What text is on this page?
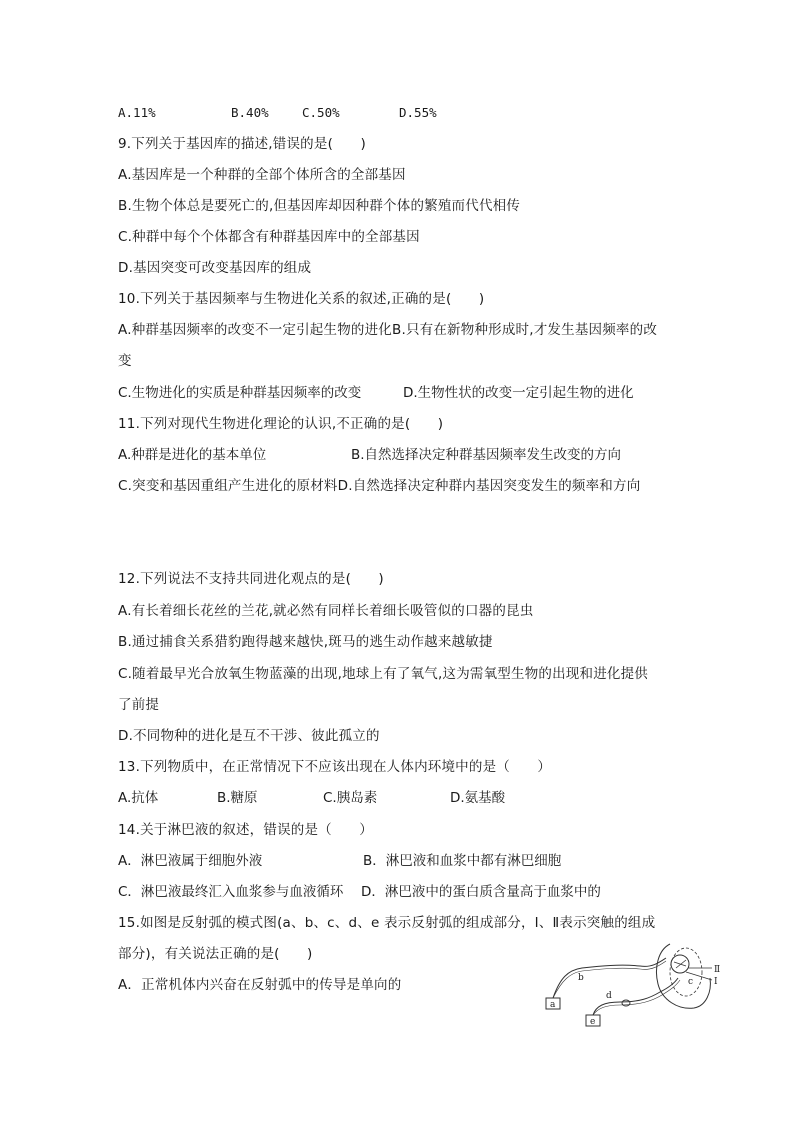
A.11%	B.40%	C.50%	D.55%
9.下列关于基因库的描述,错误的是(　　)
A.基因库是一个种群的全部个体所含的全部基因
B.生物个体总是要死亡的,但基因库却因种群个体的繁殖而代代相传
C.种群中每个个体都含有种群基因库中的全部基因
D.基因突变可改变基因库的组成
10.下列关于基因频率与生物进化关系的叙述,正确的是(　　)
A.种群基因频率的改变不一定引起生物的进化B.只有在新物种形成时,才发生基因频率的改
变
C.生物进化的实质是种群基因频率的改变	D.生物性状的改变一定引起生物的进化
11.下列对现代生物进化理论的认识,不正确的是(　　)
A.种群是进化的基本单位	B.自然选择决定种群基因频率发生改变的方向
C.突变和基因重组产生进化的原材料D.自然选择决定种群内基因突变发生的频率和方向
12.下列说法不支持共同进化观点的是(　　)
A.有长着细长花丝的兰花,就必然有同样长着细长吸管似的口器的昆虫
B.通过捕食关系猎豹跑得越来越快,斑马的逃生动作越来越敏捷
C.随着最早光合放氧生物蓝藻的出现,地球上有了氧气,这为需氧型生物的出现和进化提供
了前提
D.不同物种的进化是互不干涉、彼此孤立的
13.下列物质中，在正常情况下不应该出现在人体内环境中的是（　　）
A.抗体	B.糖原	C.胰岛素	D.氨基酸
14.关于淋巴液的叙述，错误的是（　　）
A．淋巴液属于细胞外液	B．淋巴液和血浆中都有淋巴细胞
C．淋巴液最终汇入血浆参与血液循环 D．淋巴液中的蛋白质含量高于血浆中的
15.如图是反射弧的模式图(a、b、c、d、e 表示反射弧的组成部分，Ⅰ、Ⅱ表示突触的组成
部分)，有关说法正确的是(　　)
A．正常机体内兴奋在反射弧中的传导是单向的
a
b	c
d
e
Ⅱ
Ⅰ
